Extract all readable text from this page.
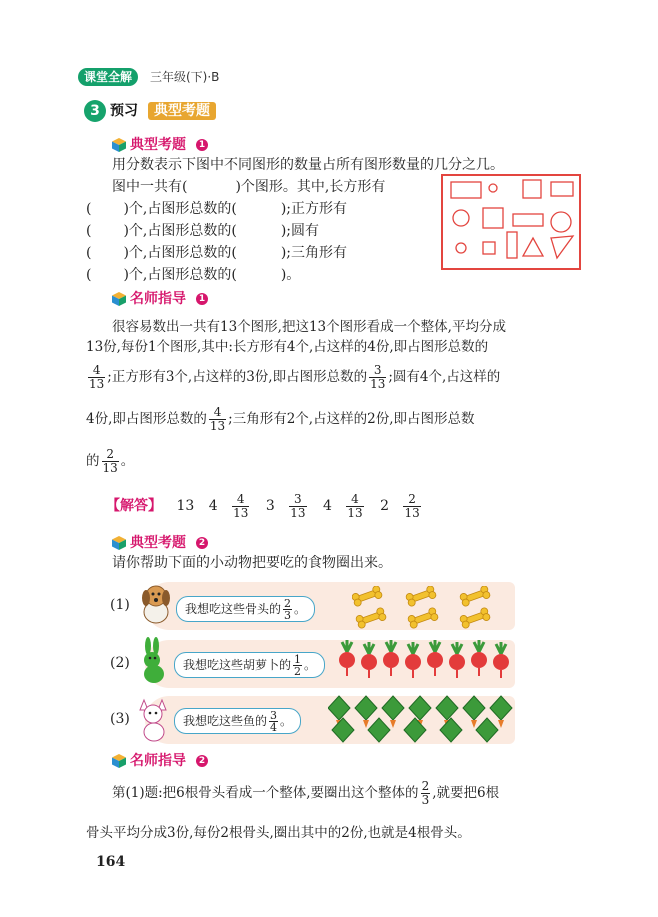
课堂全解	三年级(下)·B
3 预习	典型考题
典型考题	1
用分数表示下图中不同图形的数量占所有图形数量的几分之几。
图中一共有(	)个图形。其中,长方形有
( )个,占图形总数的(	);正方形有
( )个,占图形总数的(	);圆有
( )个,占图形总数的(	);三角形有
( )个,占图形总数的(	)。
名师指导	1
很容易数出一共有13个图形,把这13个图形看成一个整体,平均分成
13份,每份1个图形,其中:长方形有4个,占这样的4份,即占图形总数的
$\frac{4}{13}$ ;正方形有3个,占这样的3份,即占图形总数的 $\frac{3}{13}$ ;圆有4个,占这样的
4份,即占图形总数的 $\frac{4}{13}$ ;三角形有2个,占这样的2份,即占图形总数
的 $\frac{2}{13}$ 。
【解答】 13 $4 \frac{4}{13} 3 \frac{3}{13} 4 \frac{4}{13} 2 \frac{2}{13}$
典型考题	2
请你帮助下面的小动物把要吃的食物圈出来。
(1)	我想吃这些骨头的 $\frac{2}{3}$ 。
(2)	我想吃这些胡萝卜的 $\frac{1}{2}$ 。
(3)	我想吃这些鱼的 $\frac{3}{4}$ 。
名师指导	2
第(1)题:把6根骨头看成一个整体,要圈出这个整体的 $\frac{2}{3}$ ,就要把6根
骨头平均分成3份,每份2根骨头,圈出其中的2份,也就是4根骨头。
164
